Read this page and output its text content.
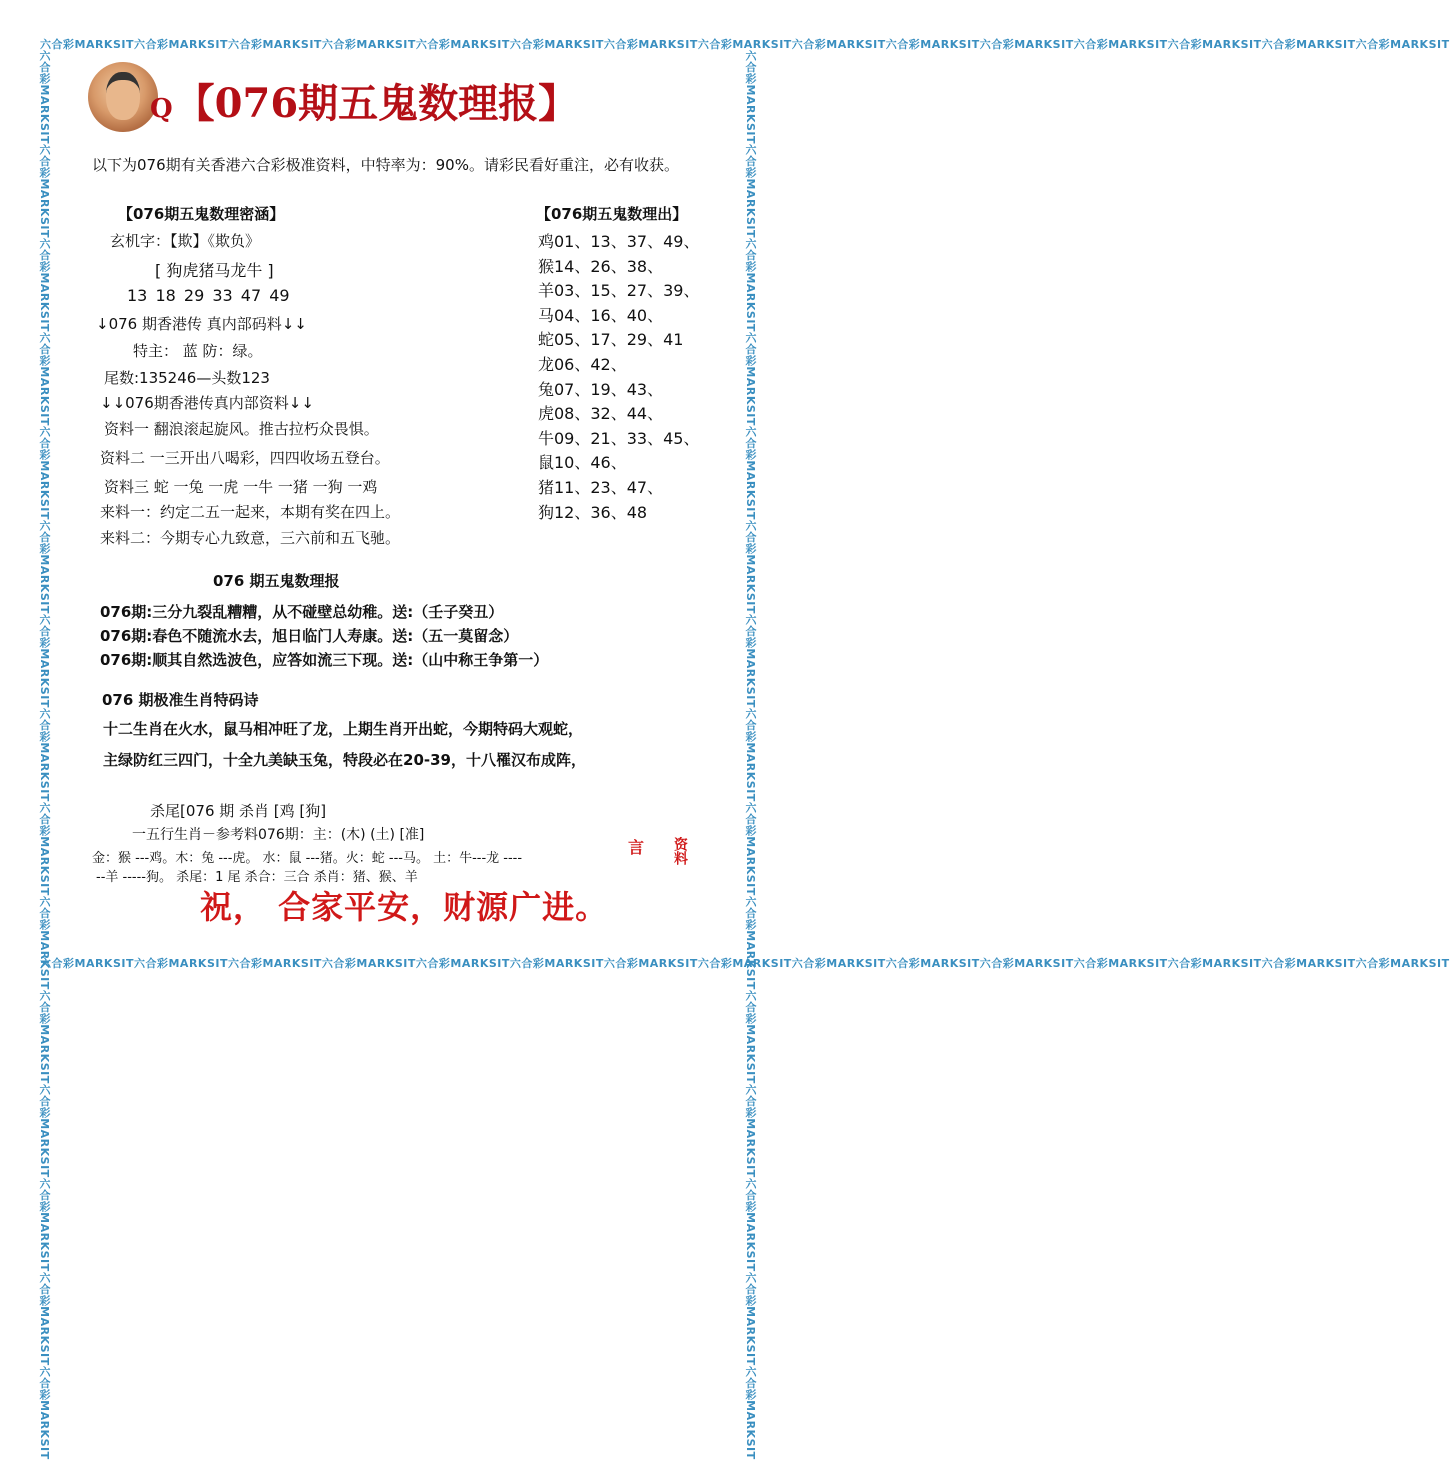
六合彩MARKSIT六合彩MARKSIT六合彩MARKSIT六合彩MARKSIT六合彩MARKSIT六合彩MARKSIT六合彩MARKSIT六合彩MARKSIT六合彩MARKSIT六合彩MARKSIT六合彩MARKSIT六合彩MARKSIT六合彩MARKSIT六合彩MARKSIT六合彩MARKSIT
六合彩MARKSIT六合彩MARKSIT六合彩MARKSIT六合彩MARKSIT六合彩MARKSIT六合彩MARKSIT六合彩MARKSIT六合彩MARKSIT六合彩MARKSIT六合彩MARKSIT六合彩MARKSIT六合彩MARKSIT六合彩MARKSIT六合彩MARKSIT六合彩MARKSIT
六合彩MARKSIT六合彩MARKSIT六合彩MARKSIT六合彩MARKSIT六合彩MARKSIT六合彩MARKSIT六合彩MARKSIT六合彩MARKSIT六合彩MARKSIT六合彩MARKSIT六合彩MARKSIT六合彩MARKSIT六合彩MARKSIT六合彩MARKSIT六合彩MARKSIT
六合彩MARKSIT六合彩MARKSIT六合彩MARKSIT六合彩MARKSIT六合彩MARKSIT六合彩MARKSIT六合彩MARKSIT六合彩MARKSIT六合彩MARKSIT六合彩MARKSIT六合彩MARKSIT六合彩MARKSIT六合彩MARKSIT六合彩MARKSIT六合彩MARKSIT
Q【076期五鬼数理报】
以下为076期有关香港六合彩极准资料，中特率为：90%。请彩民看好重注，必有收获。
【076期五鬼数理密涵】
玄机字：【欺】《欺负》
[ 狗虎猪马龙牛 ]
13 18 29 33 47 49
↓076 期香港传 真内部码料↓↓
特主： 蓝 防：绿。
尾数:135246—头数123
↓↓076期香港传真内部资料↓↓
资料一 翻浪滚起旋风。推古拉朽众畏惧。
资料二 一三开出八喝彩，四四收场五登台。
资料三 蛇 一兔 一虎 一牛 一猪 一狗 一鸡
来料一：约定二五一起来，本期有奖在四上。
来料二：今期专心九致意，三六前和五飞驰。
【076期五鬼数理出】
鸡01、13、37、49、
猴14、26、38、
羊03、15、27、39、
马04、16、40、
蛇05、17、29、41
龙06、42、
兔07、19、43、
虎08、32、44、
牛09、21、33、45、
鼠10、46、
猪11、23、47、
狗12、36、48
076 期五鬼数理报
076期:三分九裂乱糟糟，从不碰壁总幼稚。送:（壬子癸丑）
076期:春色不随流水去，旭日临门人寿康。送:（五一莫留念）
076期:顺其自然选波色，应答如流三下现。送:（山中称王争第一）
076 期极准生肖特码诗
十二生肖在火水，鼠马相冲旺了龙，上期生肖开出蛇，今期特码大观蛇，
主绿防红三四门，十全九美缺玉兔，特段必在20-39，十八罹汉布成阵，
杀尾[076 期 杀肖 [鸡 [狗]
一五行生肖－参考料076期：主：(木) (土) [准]
金：猴 ---鸡。木：兔 ---虎。 水：鼠 ---猪。火：蛇 ---马。 土：牛---龙 ----
--羊 -----狗。 杀尾：1 尾 杀合：三合 杀肖：猪、猴、羊
祝， 合家平安，财源广进。
资料
言
